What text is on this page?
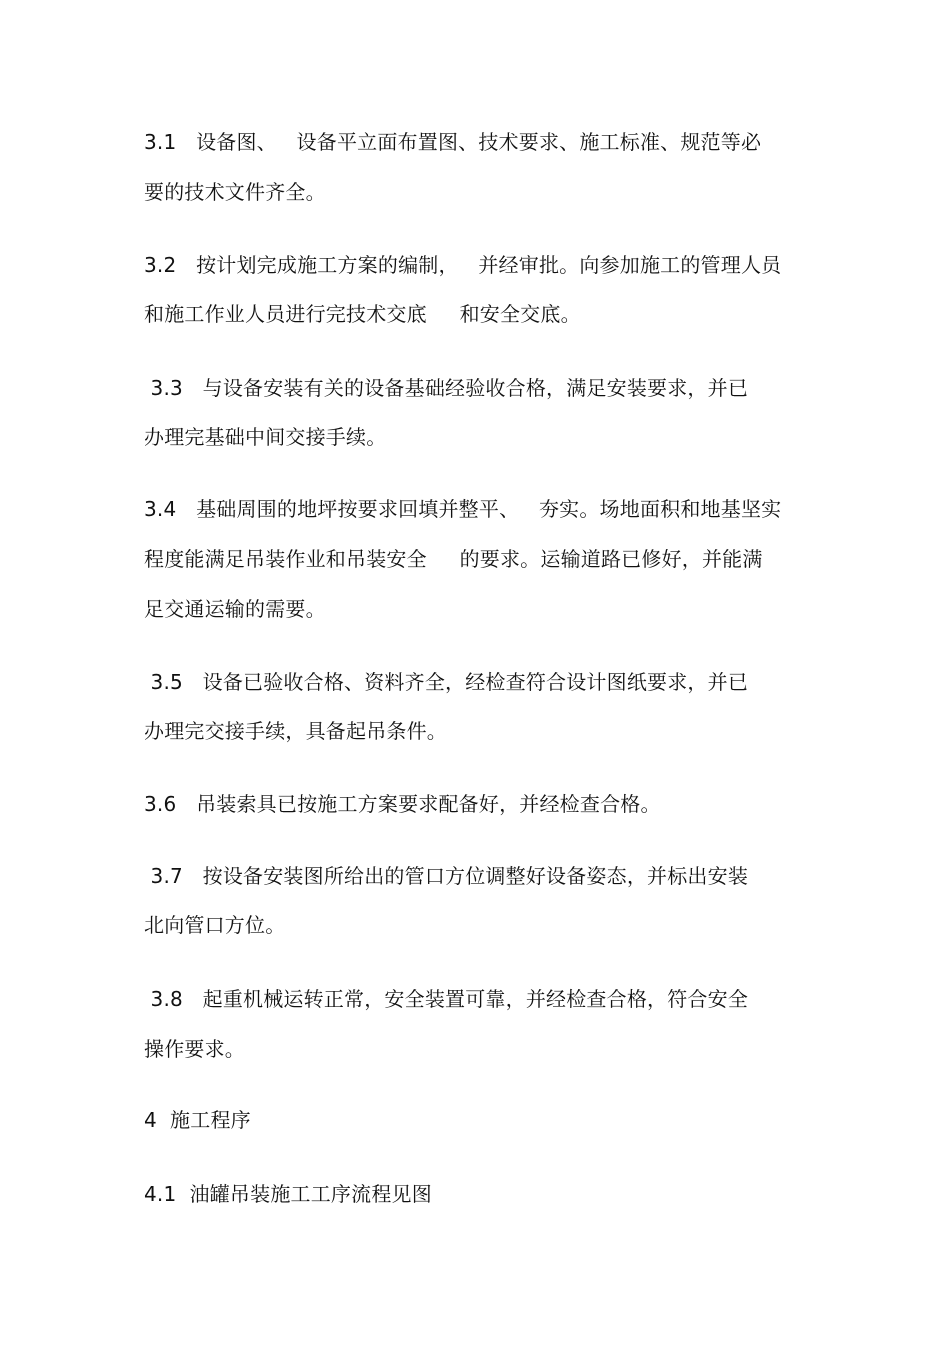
3.1   设备图、   设备平立面布置图、技术要求、施工标准、规范等必
要的技术文件齐全。
3.2   按计划完成施工方案的编制，   并经审批。向参加施工的管理人员
和施工作业人员进行完技术交底     和安全交底。
3.3   与设备安装有关的设备基础经验收合格，满足安装要求，并已
办理完基础中间交接手续。
3.4   基础周围的地坪按要求回填并整平、   夯实。场地面积和地基坚实
程度能满足吊装作业和吊装安全     的要求。运输道路已修好，并能满
足交通运输的需要。
3.5   设备已验收合格、资料齐全，经检查符合设计图纸要求，并已
办理完交接手续，具备起吊条件。
3.6   吊装索具已按施工方案要求配备好，并经检查合格。
3.7   按设备安装图所给出的管口方位调整好设备姿态，并标出安装
北向管口方位。
3.8   起重机械运转正常，安全装置可靠，并经检查合格，符合安全
操作要求。
4  施工程序
4.1  油罐吊装施工工序流程见图
